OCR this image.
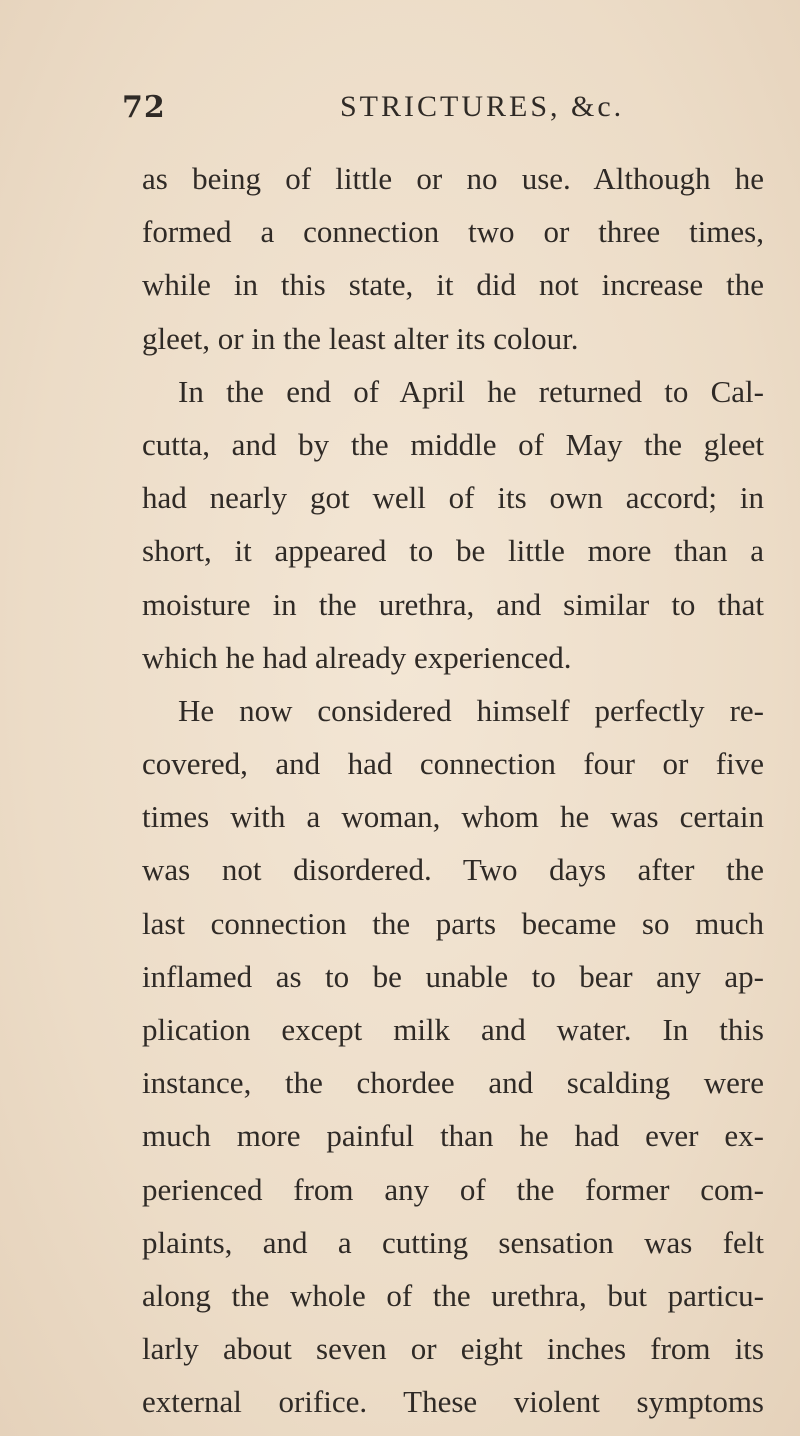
72	STRICTURES, &c.
as being of little or no use. Although he
formed a connection two or three times,
while in this state, it did not increase the
gleet, or in the least alter its colour.
In the end of April he returned to Cal-
cutta, and by the middle of May the gleet
had nearly got well of its own accord; in
short, it appeared to be little more than a
moisture in the urethra, and similar to that
which he had already experienced.
He now considered himself perfectly re-
covered, and had connection four or five
times with a woman, whom he was certain
was not disordered. Two days after the
last connection the parts became so much
inflamed as to be unable to bear any ap-
plication except milk and water. In this
instance, the chordee and scalding were
much more painful than he had ever ex-
perienced from any of the former com-
plaints, and a cutting sensation was felt
along the whole of the urethra, but particu-
larly about seven or eight inches from its
external orifice. These violent symptoms
